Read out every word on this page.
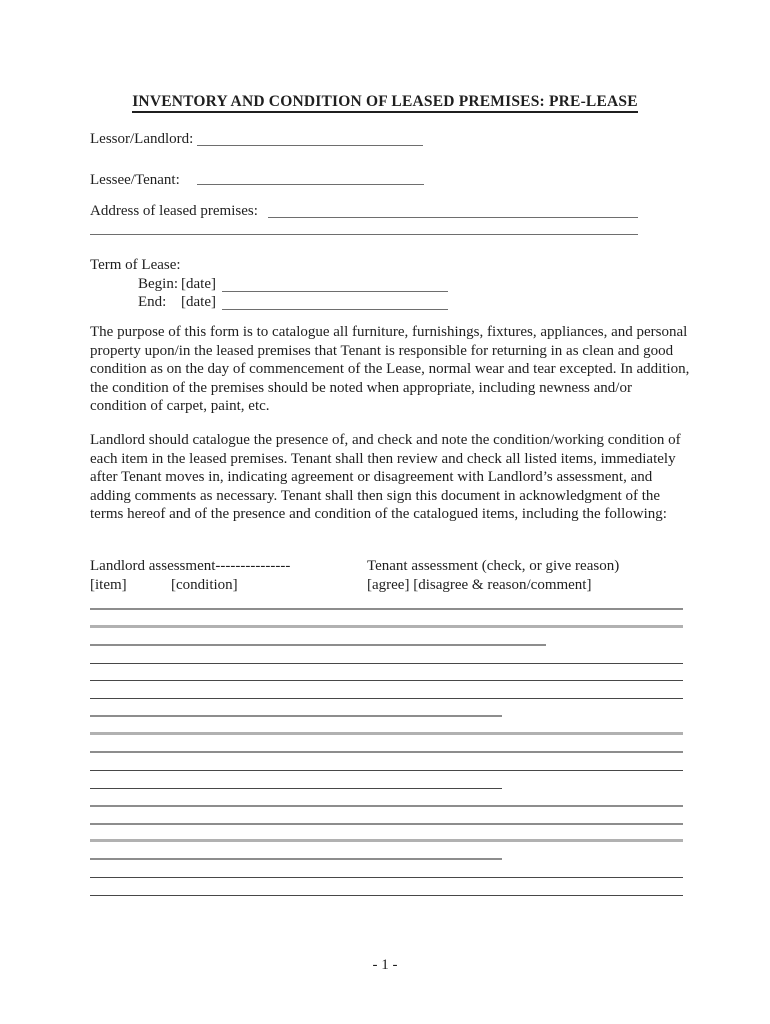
INVENTORY AND CONDITION OF LEASED PREMISES: PRE-LEASE
Lessor/Landlord:
Lessee/Tenant:
Address of leased premises:
Term of Lease:
Begin: [date]
End: [date]
The purpose of this form is to catalogue all furniture, furnishings, fixtures, appliances, and personal property upon/in the leased premises that Tenant is responsible for returning in as clean and good condition as on the day of commencement of the Lease, normal wear and tear excepted. In addition, the condition of the premises should be noted when appropriate, including newness and/or condition of carpet, paint, etc.
Landlord should catalogue the presence of, and check and note the condition/working condition of each item in the leased premises. Tenant shall then review and check all listed items, immediately after Tenant moves in, indicating agreement or disagreement with Landlord’s assessment, and adding comments as necessary. Tenant shall then sign this document in acknowledgment of the terms hereof and of the presence and condition of the catalogued items, including the following:
Landlord assessment---------------	Tenant assessment (check, or give reason)
[item]	[condition]	[agree] [disagree & reason/comment]
- 1 -
